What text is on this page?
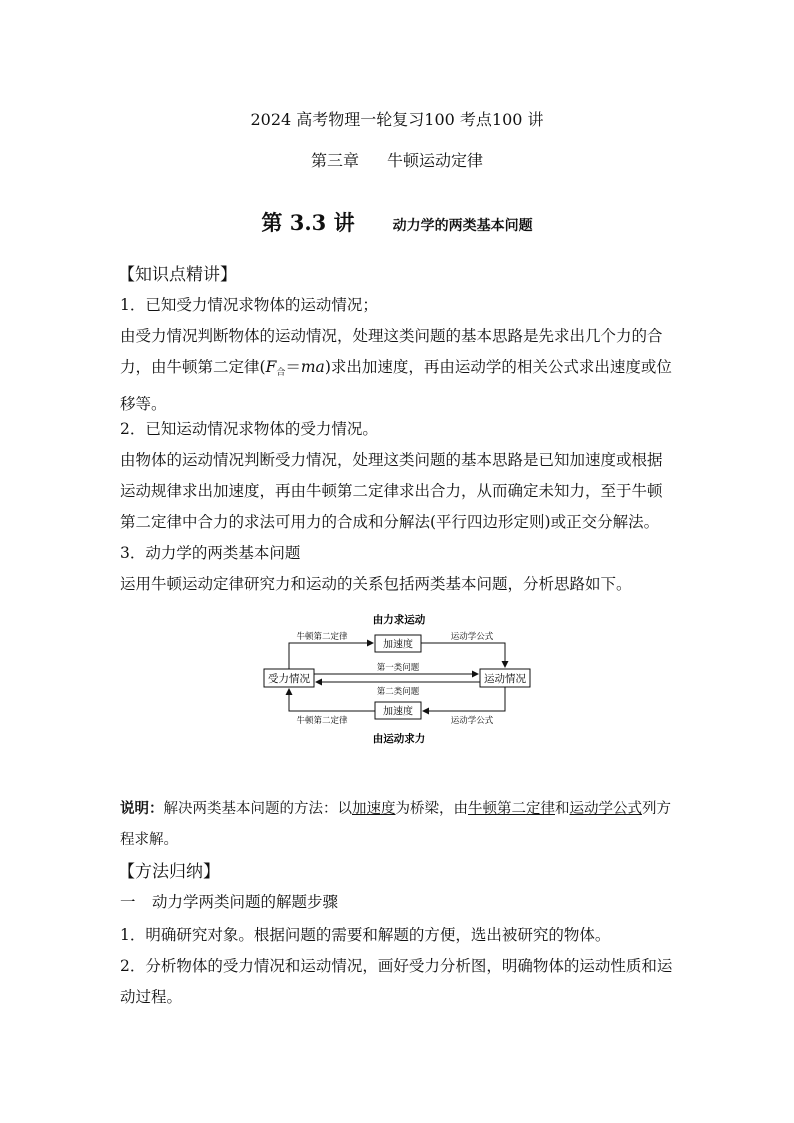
2024 高考物理一轮复习100 考点100 讲
第三章 牛顿运动定律
第 3.3 讲	动力学的两类基本问题
【知识点精讲】
1．已知受力情况求物体的运动情况；
由受力情况判断物体的运动情况，处理这类问题的基本思路是先求出几个力的合力，由牛顿第二定律$(F_合=ma)$求出加速度，再由运动学的相关公式求出速度或位移等。
2．已知运动情况求物体的受力情况。
由物体的运动情况判断受力情况，处理这类问题的基本思路是已知加速度或根据运动规律求出加速度，再由牛顿第二定律求出合力，从而确定未知力，至于牛顿第二定律中合力的求法可用力的合成和分解法(平行四边形定则)或正交分解法。
3．动力学的两类基本问题
运用牛顿运动定律研究力和运动的关系包括两类基本问题，分析思路如下。
由力求运动
由运动求力
受力情况	运动情况
加速度
加速度
牛顿第二定律	运动学公式
牛顿第二定律	运动学公式
第一类问题
第二类问题
说明：解决两类基本问题的方法：以加速度为桥梁，由牛顿第二定律和运动学公式列方程求解。
【方法归纳】
一 动力学两类问题的解题步骤
1．明确研究对象。根据问题的需要和解题的方便，选出被研究的物体。
2．分析物体的受力情况和运动情况，画好受力分析图，明确物体的运动性质和运动过程。
